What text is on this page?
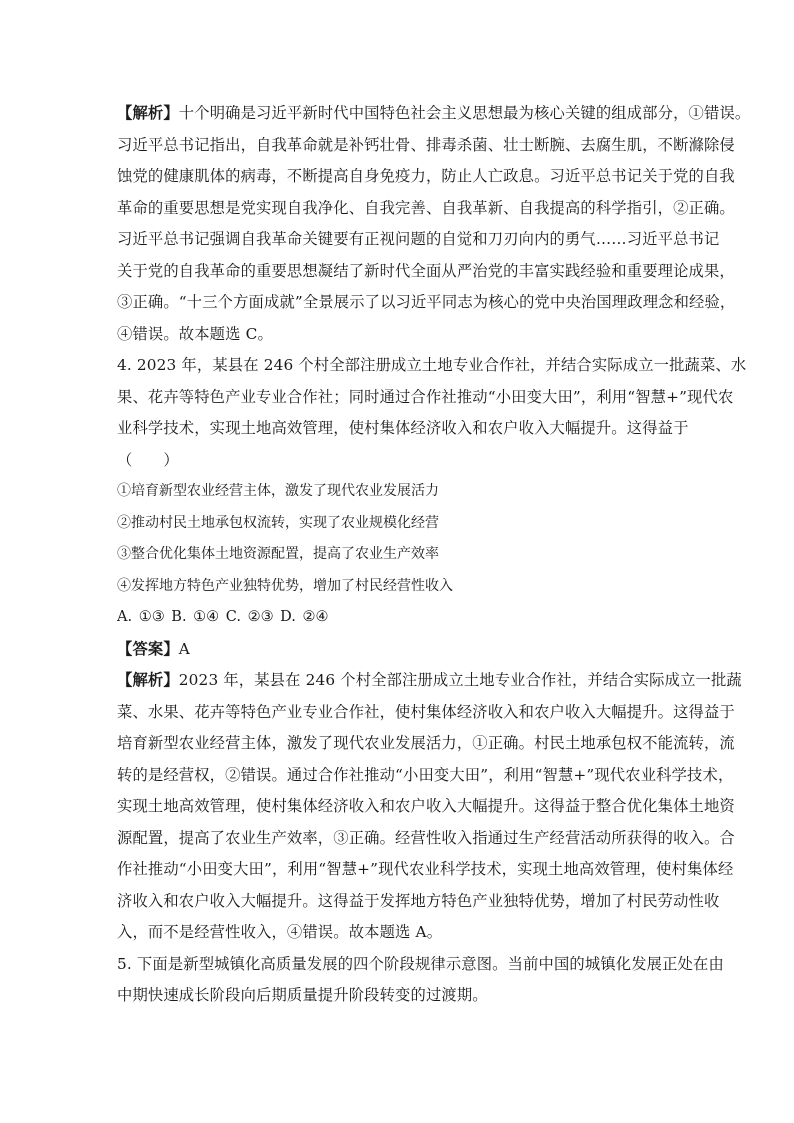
【解析】十个明确是习近平新时代中国特色社会主义思想最为核心关键的组成部分，①错误。
习近平总书记指出，自我革命就是补钙壮骨、排毒杀菌、壮士断腕、去腐生肌，不断滌除侵
蚀党的健康肌体的病毒，不断提高自身免疫力，防止人亡政息。习近平总书记关于党的自我
革命的重要思想是党实现自我净化、自我完善、自我革新、自我提高的科学指引，②正确。
习近平总书记强调自我革命关键要有正视问题的自觉和刀刃向内的勇气……习近平总书记
关于党的自我革命的重要思想凝结了新时代全面从严治党的丰富实践经验和重要理论成果，
③正确。“十三个方面成就”全景展示了以习近平同志为核心的党中央治国理政理念和经验，
④错误。故本题选 C。

4. 2023 年，某县在 246 个村全部注册成立土地专业合作社，并结合实际成立一批蔬菜、水
果、花卉等特色产业专业合作社；同时通过合作社推动“小田变大田”，利用“智慧+”现代农
业科学技术，实现土地高效管理，使村集体经济收入和农户收入大幅提升。这得益于
（　　）

①培育新型农业经营主体，激发了现代农业发展活力

②推动村民土地承包权流转，实现了农业规模化经营

③整合优化集体土地资源配置，提高了农业生产效率

④发挥地方特色产业独特优势，增加了村民经营性收入

A. ①③ B. ①④ C. ②③ D. ②④

【答案】A

【解析】2023 年，某县在 246 个村全部注册成立土地专业合作社，并结合实际成立一批蔬
菜、水果、花卉等特色产业专业合作社，使村集体经济收入和农户收入大幅提升。这得益于
培育新型农业经营主体，激发了现代农业发展活力，①正确。村民土地承包权不能流转，流
转的是经营权，②错误。通过合作社推动“小田变大田”，利用“智慧+”现代农业科学技术，
实现土地高效管理，使村集体经济收入和农户收入大幅提升。这得益于整合优化集体土地资
源配置，提高了农业生产效率，③正确。经营性收入指通过生产经营活动所获得的收入。合
作社推动“小田变大田”，利用“智慧+”现代农业科学技术，实现土地高效管理，使村集体经
济收入和农户收入大幅提升。这得益于发挥地方特色产业独特优势，增加了村民劳动性收
入，而不是经营性收入，④错误。故本题选 A。

5. 下面是新型城镇化高质量发展的四个阶段规律示意图。当前中国的城镇化发展正处在由
中期快速成长阶段向后期质量提升阶段转变的过渡期。
